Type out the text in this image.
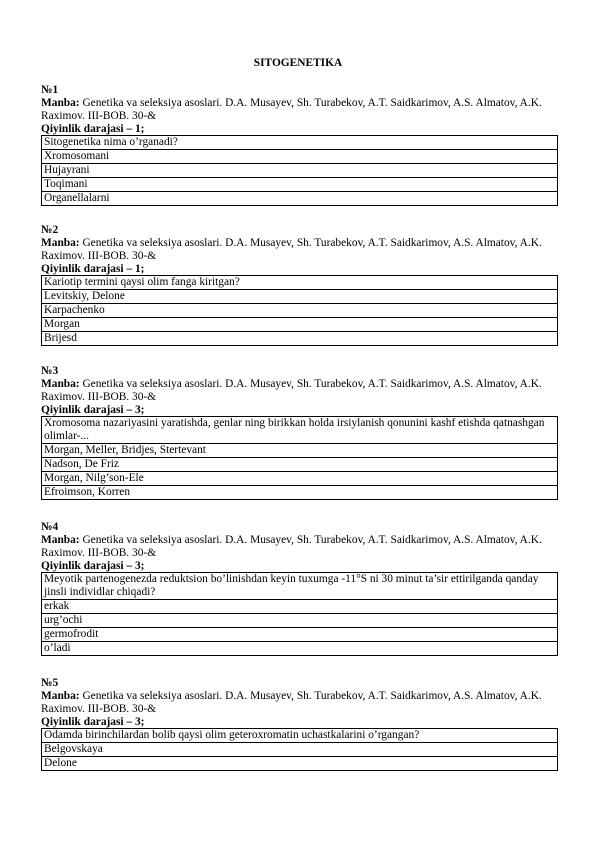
SITOGENETIKA
№1
Manba: Genetika va seleksiya asoslari. D.A. Musayev, Sh. Turabekov, A.T. Saidkarimov, A.S. Almatov, A.K. Raximov. III-BOB. 30-&
Qiyinlik darajasi – 1;
Sitogenetika nima o’rganadi?
Xromosomani
Hujayrani
Toqimani
Organellalarni
№2
Manba: Genetika va seleksiya asoslari. D.A. Musayev, Sh. Turabekov, A.T. Saidkarimov, A.S. Almatov, A.K. Raximov. III-BOB. 30-&
Qiyinlik darajasi – 1;
Kariotip termini qaysi olim fanga kiritgan?
Levitskiy, Delone
Karpachenko
Morgan
Brijesd
№3
Manba: Genetika va seleksiya asoslari. D.A. Musayev, Sh. Turabekov, A.T. Saidkarimov, A.S. Almatov, A.K. Raximov. III-BOB. 30-&
Qiyinlik darajasi – 3;
Xromosoma nazariyasini yaratishda, genlar ning birikkan holda irsiylanish qonunini kashf etishda qatnashgan olimlar-...
Morgan, Meller, Bridjes, Stertevant
Nadson, De Friz
Morgan, Nilg’son-Ele
Efroimson, Korren
№4
Manba: Genetika va seleksiya asoslari. D.A. Musayev, Sh. Turabekov, A.T. Saidkarimov, A.S. Almatov, A.K. Raximov. III-BOB. 30-&
Qiyinlik darajasi – 3;
Meyotik partenogenezda reduktsion bo’linishdan keyin tuxumga -11°S ni 30 minut ta’sir ettirilganda qanday jinsli individlar chiqadi?
erkak
urg’ochi
germofrodit
o’ladi
№5
Manba: Genetika va seleksiya asoslari. D.A. Musayev, Sh. Turabekov, A.T. Saidkarimov, A.S. Almatov, A.K. Raximov. III-BOB. 30-&
Qiyinlik darajasi – 3;
Odamda birinchilardan bolib qaysi olim geteroxromatin uchastkalarini o’rgangan?
Belgovskaya
Delone
